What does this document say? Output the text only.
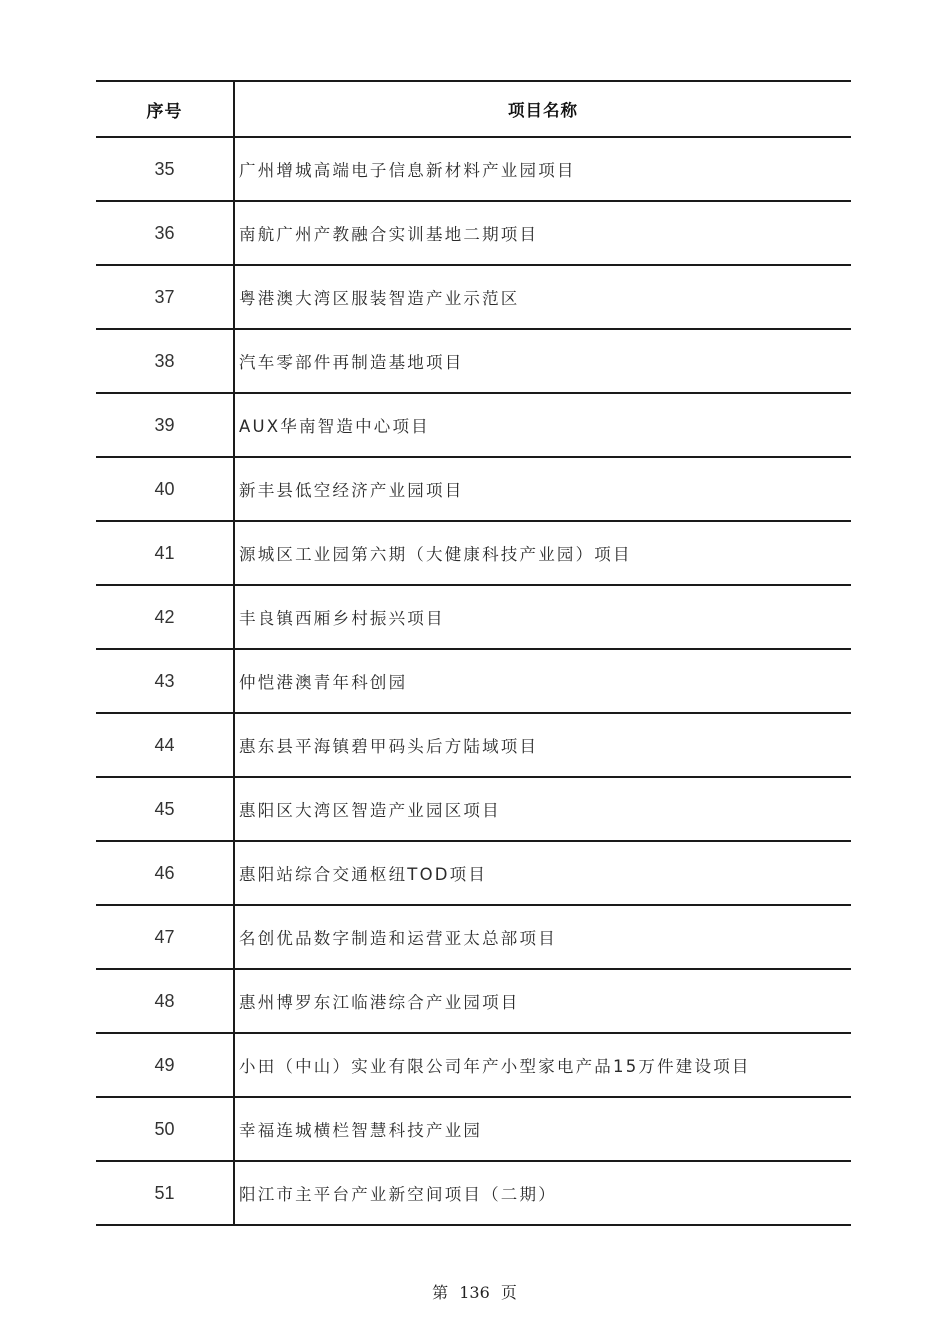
序号	项目名称
35	广州增城高端电子信息新材料产业园项目
36	南航广州产教融合实训基地二期项目
37	粤港澳大湾区服装智造产业示范区
38	汽车零部件再制造基地项目
39	AUX华南智造中心项目
40	新丰县低空经济产业园项目
41	源城区工业园第六期（大健康科技产业园）项目
42	丰良镇西厢乡村振兴项目
43	仲恺港澳青年科创园
44	惠东县平海镇碧甲码头后方陆域项目
45	惠阳区大湾区智造产业园区项目
46	惠阳站综合交通枢纽TOD项目
47	名创优品数字制造和运营亚太总部项目
48	惠州博罗东江临港综合产业园项目
49	小田（中山）实业有限公司年产小型家电产品15万件建设项目
50	幸福连城横栏智慧科技产业园
51	阳江市主平台产业新空间项目（二期）
第 136 页
